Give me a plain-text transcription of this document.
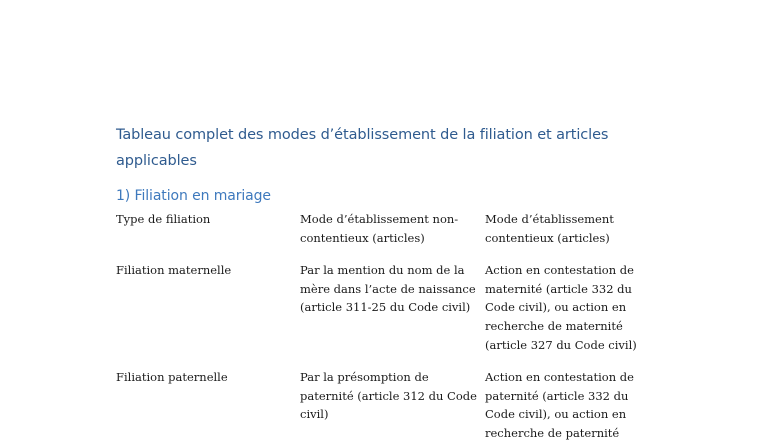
Tableau complet des modes d’établissement de la filiation et articles applicables
1) Filiation en mariage
Type de filiation	Mode d’établissement non-contentieux (articles)	Mode d’établissement contentieux (articles)

Filiation maternelle	Par la mention du nom de la mère dans l’acte de naissance (article 311-25 du Code civil)	Action en contestation de maternité (article 332 du Code civil), ou action en recherche de maternité (article 327 du Code civil)

Filiation paternelle	Par la présomption de paternité (article 312 du Code civil)	Action en contestation de paternité (article 332 du Code civil), ou action en recherche de paternité
